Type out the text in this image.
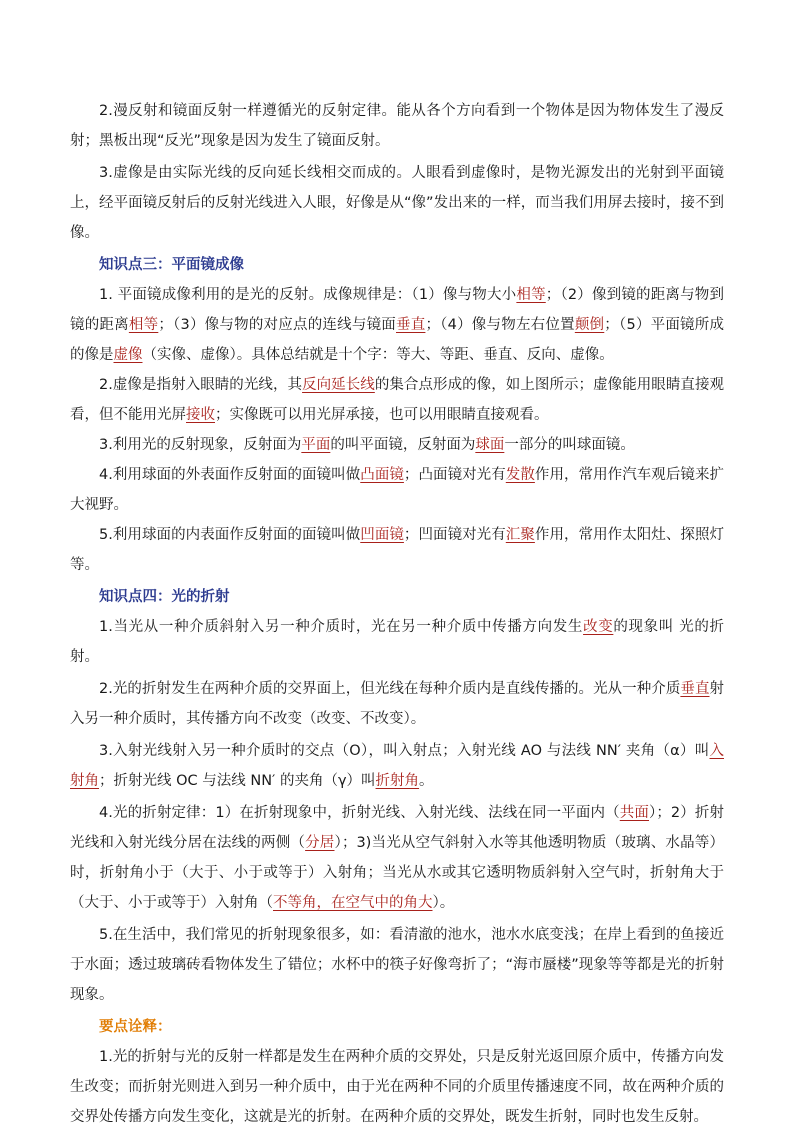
2.漫反射和镜面反射一样遵循光的反射定律。能从各个方向看到一个物体是因为物体发生了漫反射；黑板出现“反光”现象是因为发生了镜面反射。

3.虚像是由实际光线的反向延长线相交而成的。人眼看到虚像时，是物光源发出的光射到平面镜上，经平面镜反射后的反射光线进入人眼，好像是从“像”发出来的一样，而当我们用屏去接时，接不到像。

知识点三：平面镜成像

1. 平面镜成像利用的是光的反射。成像规律是：（1）像与物大小相等；（2）像到镜的距离与物到镜的距离相等；（3）像与物的对应点的连线与镜面垂直；（4）像与物左右位置颠倒；（5）平面镜所成的像是虚像（实像、虚像）。具体总结就是十个字：等大、等距、垂直、反向、虚像。

2.虚像是指射入眼睛的光线，其反向延长线的集合点形成的像，如上图所示；虚像能用眼睛直接观看，但不能用光屏接收；实像既可以用光屏承接，也可以用眼睛直接观看。

3.利用光的反射现象，反射面为平面的叫平面镜，反射面为球面一部分的叫球面镜。

4.利用球面的外表面作反射面的面镜叫做凸面镜；凸面镜对光有发散作用，常用作汽车观后镜来扩大视野。

5.利用球面的内表面作反射面的面镜叫做凹面镜；凹面镜对光有汇聚作用，常用作太阳灶、探照灯等。

知识点四：光的折射

1.当光从一种介质斜射入另一种介质时，光在另一种介质中传播方向发生改变的现象叫 光的折射。

2.光的折射发生在两种介质的交界面上，但光线在每种介质内是直线传播的。光从一种介质垂直射入另一种介质时，其传播方向不改变（改变、不改变）。

3.入射光线射入另一种介质时的交点（O），叫入射点；入射光线 AO 与法线 NN′ 夹角（α）叫入射角；折射光线 OC 与法线 NN′ 的夹角（γ）叫折射角。

4.光的折射定律：1）在折射现象中，折射光线、入射光线、法线在同一平面内（共面）；2）折射光线和入射光线分居在法线的两侧（分居）；3)当光从空气斜射入水等其他透明物质（玻璃、水晶等）时，折射角小于（大于、小于或等于）入射角；当光从水或其它透明物质斜射入空气时，折射角大于（大于、小于或等于）入射角（不等角，在空气中的角大）。

5.在生活中，我们常见的折射现象很多，如：看清澈的池水，池水水底变浅；在岸上看到的鱼接近于水面；透过玻璃砖看物体发生了错位；水杯中的筷子好像弯折了；“海市蜃楼”现象等等都是光的折射现象。

要点诠释：

1.光的折射与光的反射一样都是发生在两种介质的交界处，只是反射光返回原介质中，传播方向发生改变；而折射光则进入到另一种介质中，由于光在两种不同的介质里传播速度不同，故在两种介质的交界处传播方向发生变化，这就是光的折射。在两种介质的交界处，既发生折射，同时也发生反射。
